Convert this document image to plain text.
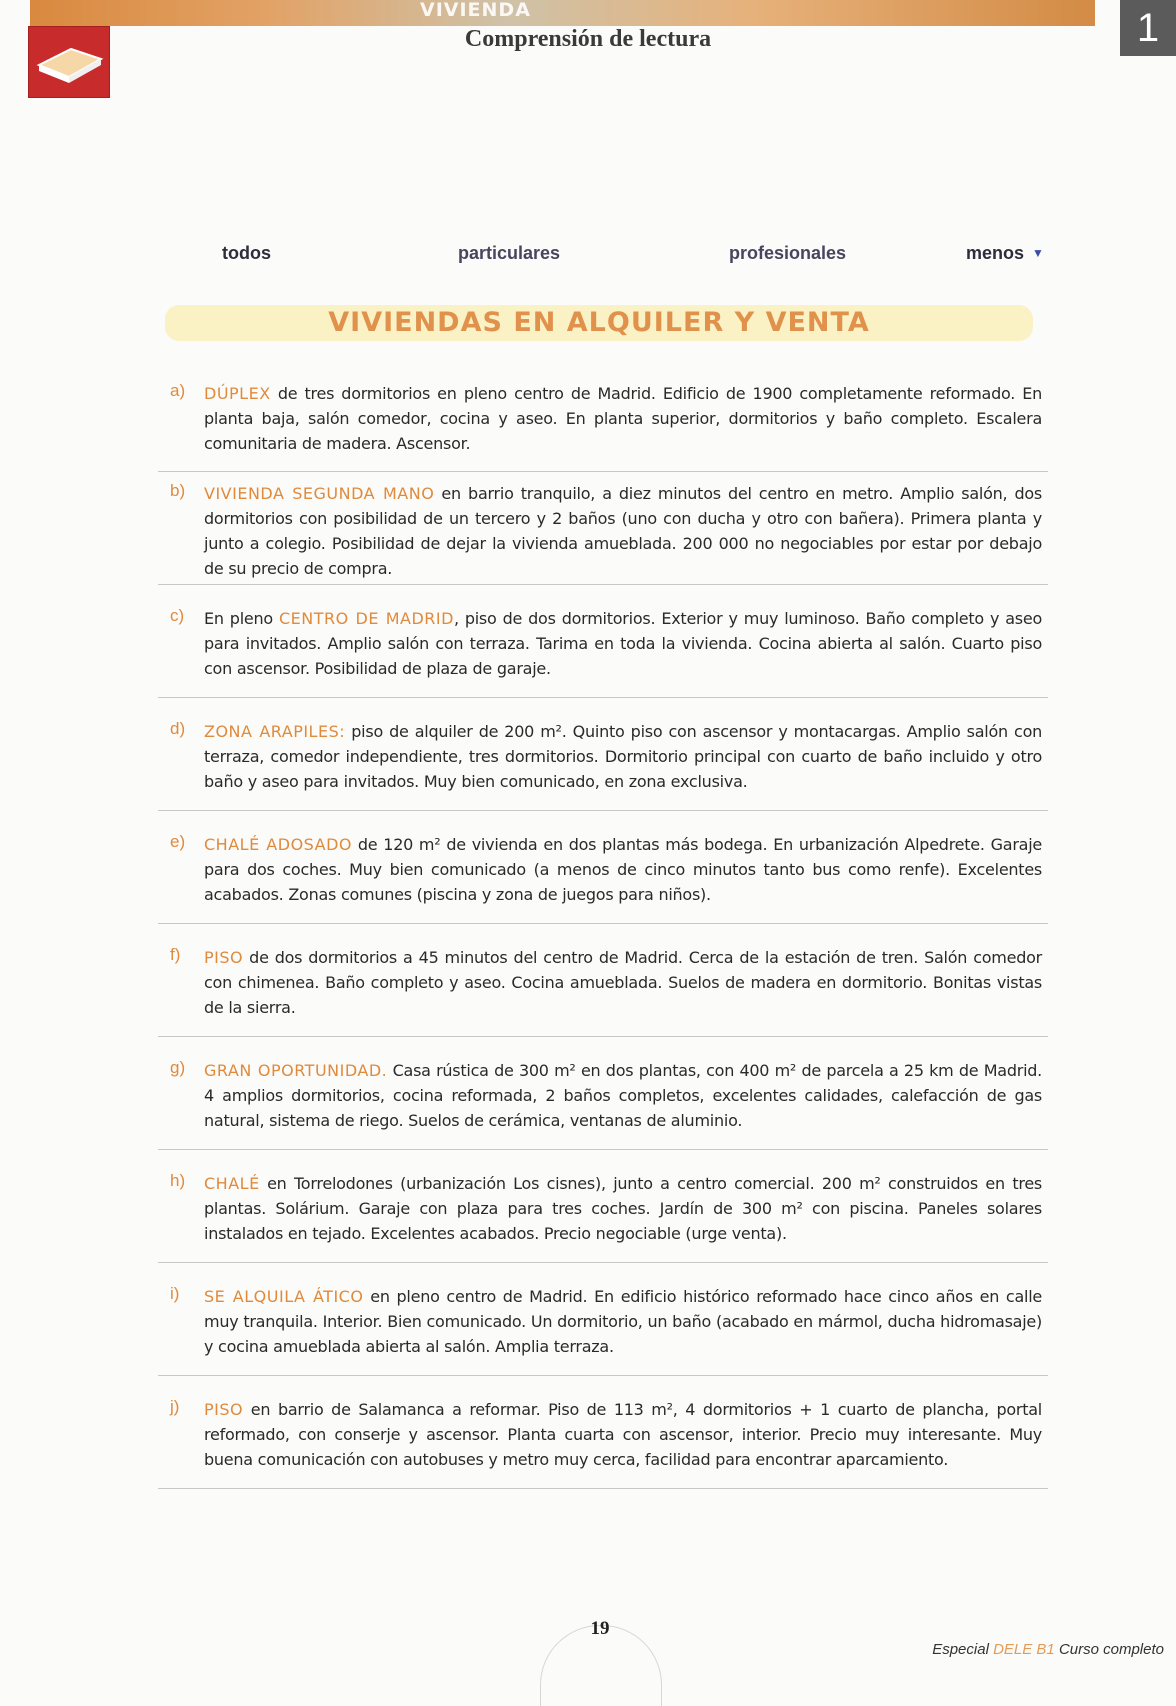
VIVIENDA	1
Comprensión de lectura
todos	particulares	profesionales	menos ▼
VIVIENDAS EN ALQUILER Y VENTA
a) DÚPLEX de tres dormitorios en pleno centro de Madrid. Edificio de 1900 completamente reformado. En planta baja, salón comedor, cocina y aseo. En planta superior, dormitorios y baño completo. Escalera comunitaria de madera. Ascensor.
b) VIVIENDA SEGUNDA MANO en barrio tranquilo, a diez minutos del centro en metro. Amplio salón, dos dormitorios con posibilidad de un tercero y 2 baños (uno con ducha y otro con bañera). Primera planta y junto a colegio. Posibilidad de dejar la vivienda amueblada. 200 000 no negociables por estar por debajo de su precio de compra.
c) En pleno CENTRO DE MADRID, piso de dos dormitorios. Exterior y muy luminoso. Baño completo y aseo para invitados. Amplio salón con terraza. Tarima en toda la vivienda. Cocina abierta al salón. Cuarto piso con ascensor. Posibilidad de plaza de garaje.
d) ZONA ARAPILES: piso de alquiler de 200 m². Quinto piso con ascensor y montacargas. Amplio salón con terraza, comedor independiente, tres dormitorios. Dormitorio principal con cuarto de baño incluido y otro baño y aseo para invitados. Muy bien comunicado, en zona exclusiva.
e) CHALÉ ADOSADO de 120 m² de vivienda en dos plantas más bodega. En urbanización Alpedrete. Garaje para dos coches. Muy bien comunicado (a menos de cinco minutos tanto bus como renfe). Excelentes acabados. Zonas comunes (piscina y zona de juegos para niños).
f) PISO de dos dormitorios a 45 minutos del centro de Madrid. Cerca de la estación de tren. Salón comedor con chimenea. Baño completo y aseo. Cocina amueblada. Suelos de madera en dormitorio. Bonitas vistas de la sierra.
g) GRAN OPORTUNIDAD. Casa rústica de 300 m² en dos plantas, con 400 m² de parcela a 25 km de Madrid. 4 amplios dormitorios, cocina reformada, 2 baños completos, excelentes calidades, calefacción de gas natural, sistema de riego. Suelos de cerámica, ventanas de aluminio.
h) CHALÉ en Torrelodones (urbanización Los cisnes), junto a centro comercial. 200 m² construidos en tres plantas. Solárium. Garaje con plaza para tres coches. Jardín de 300 m² con piscina. Paneles solares instalados en tejado. Excelentes acabados. Precio negociable (urge venta).
i) SE ALQUILA ÁTICO en pleno centro de Madrid. En edificio histórico reformado hace cinco años en calle muy tranquila. Interior. Bien comunicado. Un dormitorio, un baño (acabado en mármol, ducha hidromasaje) y cocina amueblada abierta al salón. Amplia terraza.
j) PISO en barrio de Salamanca a reformar. Piso de 113 m², 4 dormitorios + 1 cuarto de plancha, portal reformado, con conserje y ascensor. Planta cuarta con ascensor, interior. Precio muy interesante. Muy buena comunicación con autobuses y metro muy cerca, facilidad para encontrar aparcamiento.
19
Especial DELE B1 Curso completo
